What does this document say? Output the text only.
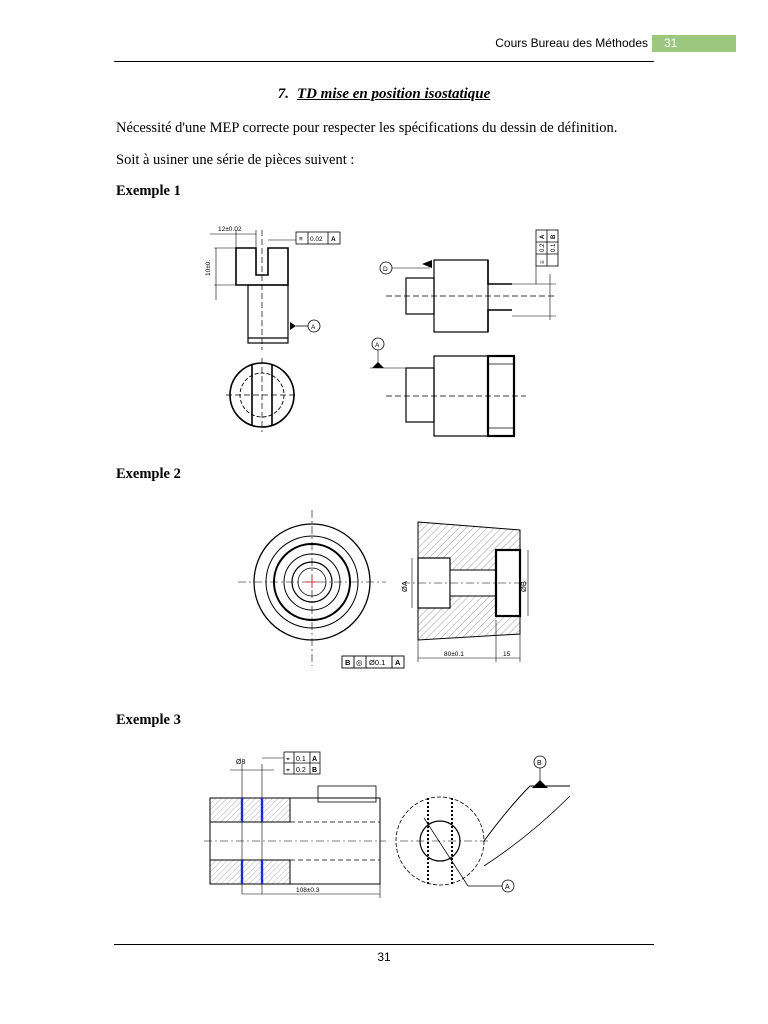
Cours Bureau des Méthodes	31
7. TD mise en position isostatique
Nécessité d'une MEP correcte pour respecter les spécifications du dessin de définition.
Soit à usiner une série de pièces suivent :
Exemple 1
12±0.02
10±0.
≡ 0.02 A
A
D
A
≡
0.2
A
0.1
B
Exemple 2
ØA	ØB
80±0.1	15
B ◎ Ø0.1 A
Exemple 3
Ø8	⌖ 0.1 A
⌖ 0.2 B
108±0.3	A
B
31
